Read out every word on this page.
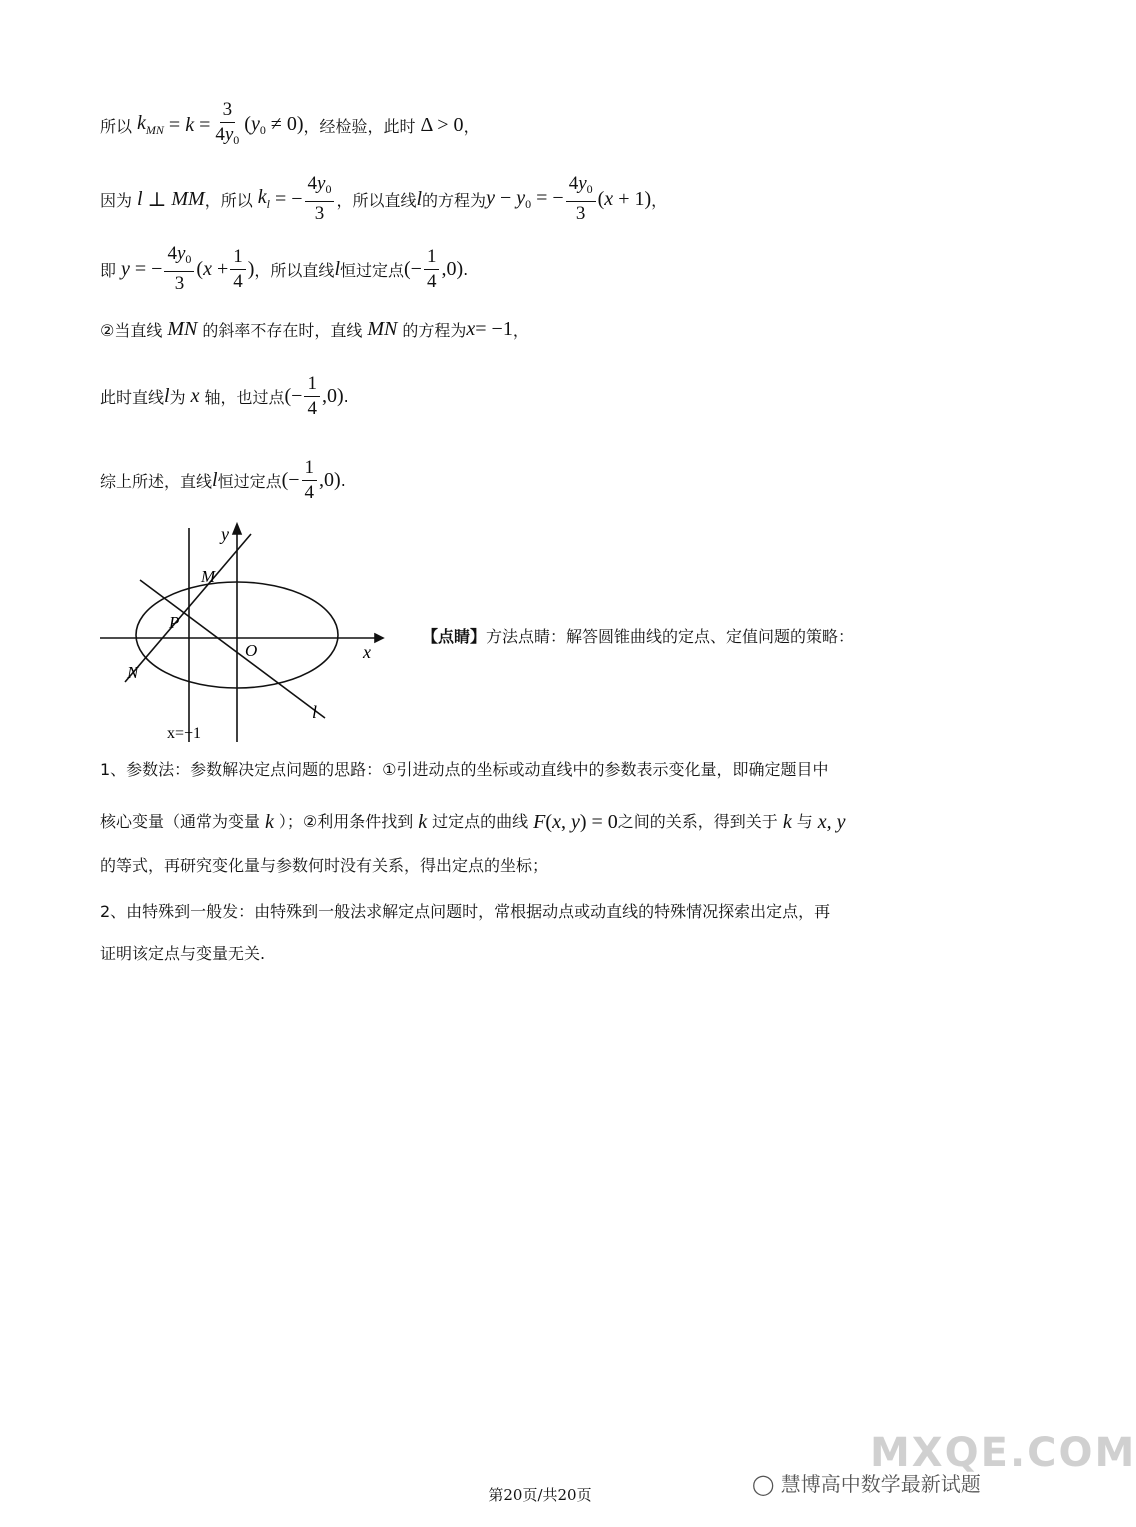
所以 $k_{MN} = k = \frac{3}{4y_0} (y_0 \ne 0)$ ，经检验，此时 Δ > 0 ，
因为 l ⊥ MM ，所以 $k_l$ = − $\frac{4y_0}{3}$ ，所以直线 l 的方程为 $y - y_0$ = − $\frac{4y_0}{3} (x + 1)$ ，
即 y = − $\frac{4y_0}{3} (x + \frac{1}{4}$ ) ，所以直线 l 恒过定点 (− $\frac{1}{4} ,0$) .
②当直线 MN 的斜率不存在时，直线 MN 的方程为 x= −1 ，
此时直线 l 为 x 轴，也过点 (− $\frac{1}{4} ,0$) .
综上所述，直线 l 恒过定点 (− $\frac{1}{4} ,0$) .
y
x
O
M
P
N
l
x=−1
【点睛】 方法点睛：解答圆锥曲线的定点、定值问题的策略：
1、参数法：参数解决定点问题的思路：①引进动点的坐标或动直线中的参数表示变化量，即确定题目中
核心变量（通常为变量 k ）；②利用条件找到 k 过定点的曲线 F(x, y) = 0 之间的关系，得到关于 k 与 x, y
的等式，再研究变化量与参数何时没有关系，得出定点的坐标；
2、由特殊到一般发：由特殊到一般法求解定点问题时，常根据动点或动直线的特殊情况探索出定点，再
证明该定点与变量无关.
MXQE.COM
◯ 慧博高中数学最新试题
第20页/共20页
